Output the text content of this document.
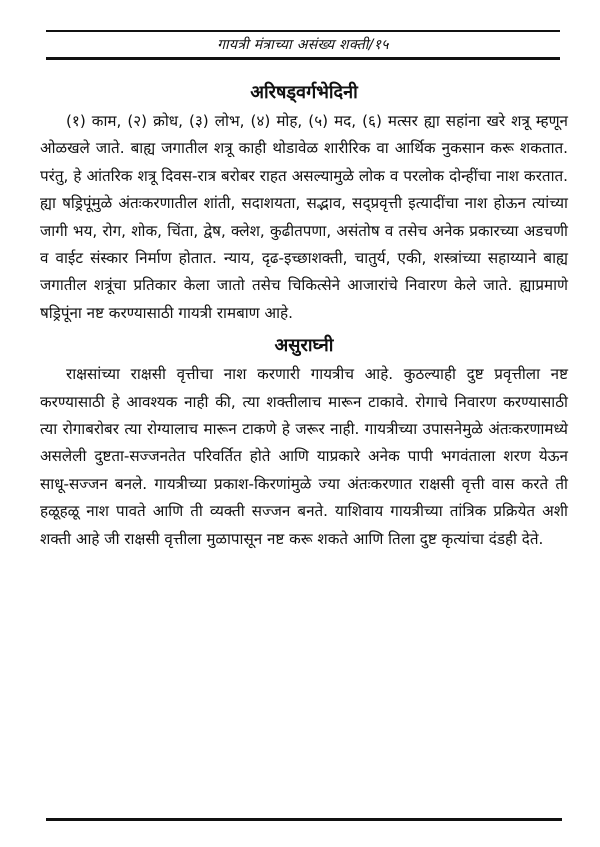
गायत्री मंत्राच्या असंख्य शक्ती/१५
अरिषड्वर्गभेदिनी

(१) काम, (२) क्रोध, (३) लोभ, (४) मोह, (५) मद, (६) मत्सर ह्या सहांना खरे शत्रू म्हणून ओळखले जाते. बाह्य जगातील शत्रू काही थोडावेळ शारीरिक वा आर्थिक नुकसान करू शकतात. परंतु, हे आंतरिक शत्रू दिवस-रात्र बरोबर राहत असल्यामुळे लोक व परलोक दोन्हींचा नाश करतात. ह्या षड्रिपूंमुळे अंतःकरणातील शांती, सदाशयता, सद्भाव, सद्प्रवृत्ती इत्यादींचा नाश होऊन त्यांच्या जागी भय, रोग, शोक, चिंता, द्वेष, क्लेश, कुढीतपणा, असंतोष व तसेच अनेक प्रकारच्या अडचणी व वाईट संस्कार निर्माण होतात. न्याय, दृढ-इच्छाशक्ती, चातुर्य, एकी, शस्त्रांच्या सहाय्याने बाह्य जगातील शत्रूंचा प्रतिकार केला जातो तसेच चिकित्सेने आजारांचे निवारण केले जाते. ह्याप्रमाणे षड्रिपूंना नष्ट करण्यासाठी गायत्री रामबाण आहे.

असुराघ्नी

राक्षसांच्या राक्षसी वृत्तीचा नाश करणारी गायत्रीच आहे. कुठल्याही दुष्ट प्रवृत्तीला नष्ट करण्यासाठी हे आवश्यक नाही की, त्या शक्तीलाच मारून टाकावे. रोगाचे निवारण करण्यासाठी त्या रोगाबरोबर त्या रोग्यालाच मारून टाकणे हे जरूर नाही. गायत्रीच्या उपासनेमुळे अंतःकरणामध्ये असलेली दुष्टता-सज्जनतेत परिवर्तित होते आणि याप्रकारे अनेक पापी भगवंताला शरण येऊन साधू-सज्जन बनले. गायत्रीच्या प्रकाश-किरणांमुळे ज्या अंतःकरणात राक्षसी वृत्ती वास करते ती हळूहळू नाश पावते आणि ती व्यक्ती सज्जन बनते. याशिवाय गायत्रीच्या तांत्रिक प्रक्रियेत अशी शक्ती आहे जी राक्षसी वृत्तीला मुळापासून नष्ट करू शकते आणि तिला दुष्ट कृत्यांचा दंडही देते.
